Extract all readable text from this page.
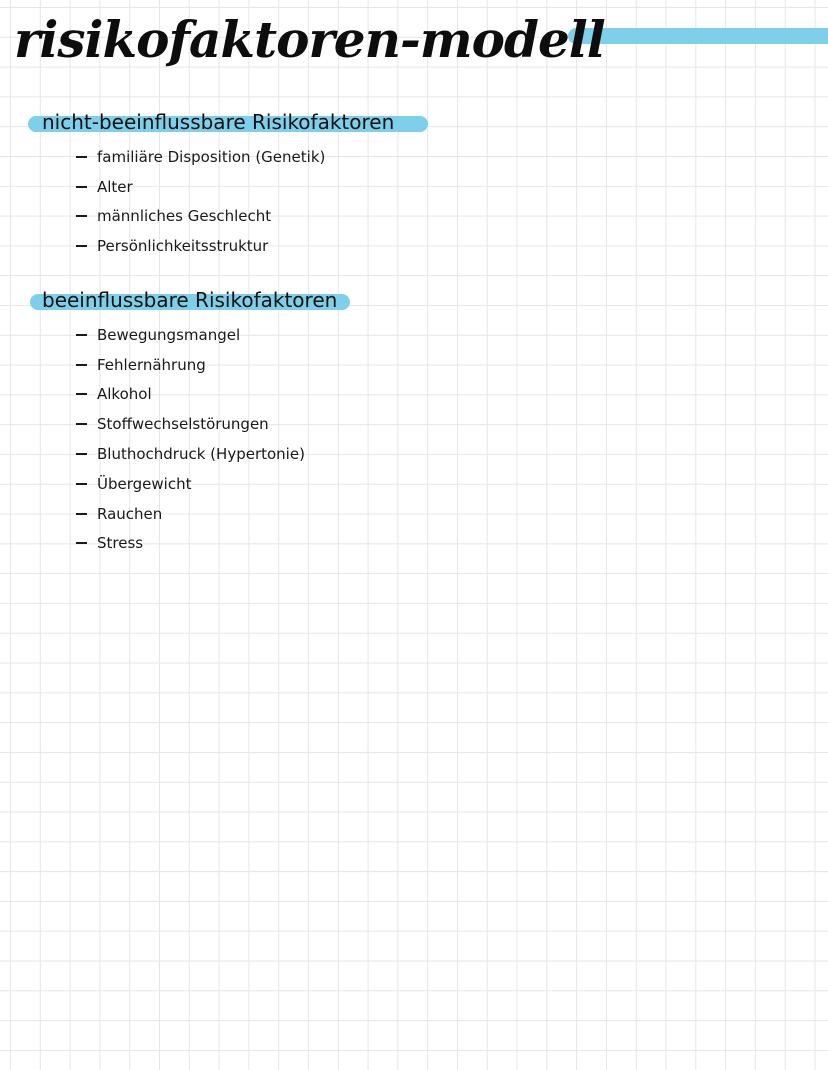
risikofaktoren-modell
nicht-beeinflussbare Risikofaktoren
familiäre Disposition (Genetik)
Alter
männliches Geschlecht
Persönlichkeitsstruktur
beeinflussbare Risikofaktoren
Bewegungsmangel
Fehlernährung
Alkohol
Stoffwechselstörungen
Bluthochdruck (Hypertonie)
Übergewicht
Rauchen
Stress
